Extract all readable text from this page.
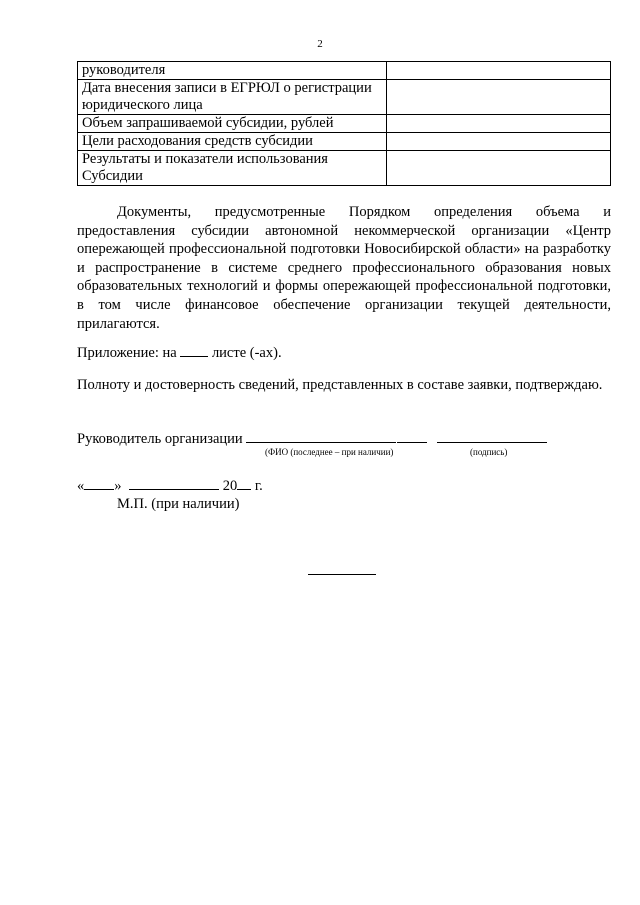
2
руководителя	
Дата внесения записи в ЕГРЮЛ о регистрации юридического лица	
Объем запрашиваемой субсидии, рублей	
Цели расходования средств субсидии	
Результаты и показатели использования Субсидии	
Документы, предусмотренные Порядком определения объема и предоставления субсидии автономной некоммерческой организации «Центр опережающей профессиональной подготовки Новосибирской области» на разработку и распространение в системе среднего профессионального образования новых образовательных технологий и формы опережающей профессиональной подготовки, в том числе финансовое обеспечение организации текущей деятельности, прилагаются.
Приложение: на листе (-ах).
Полноту и достоверность сведений, представленных в составе заявки, подтверждаю.
Руководитель организации
(ФИО (последнее – при наличии)	(подпись)
« »	20 г.
М.П. (при наличии)
